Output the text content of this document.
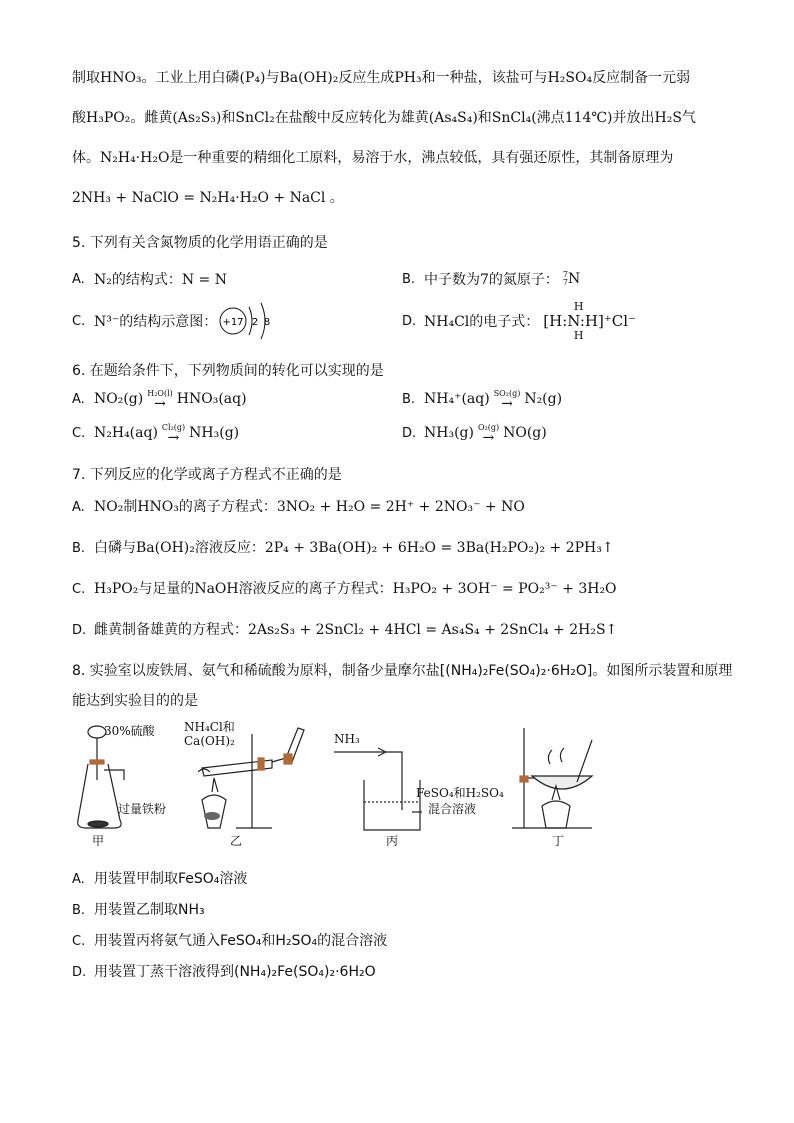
制取HNO₃。工业上用白磷(P₄)与Ba(OH)₂反应生成PH₃和一种盐，该盐可与H₂SO₄反应制备一元弱

酸H₃PO₂。雌黄(As₂S₃)和SnCl₂在盐酸中反应转化为雄黄(As₄S₄)和SnCl₄(沸点114℃)并放出H₂S气

体。N₂H₄·H₂O是一种重要的精细化工原料，易溶于水，沸点较低，具有强还原性，其制备原理为

2NH₃ + NaClO = N₂H₄·H₂O + NaCl 。

5. 下列有关含氮物质的化学用语正确的是

A. N₂的结构式：N = N	B. 中子数为7的氮原子： 7
7 N
C. N³⁻的结构示意图： +17 2 8	D. NH₄Cl的电子式：
H
[H:N:H]⁺Cl⁻
H

6. 在题给条件下，下列物质间的转化可以实现的是

A. NO₂(g) H₂O(l)
→ HNO₃(aq)	B. NH₄⁺(aq) SO₂(g)
→ N₂(g)
C. N₂H₄(aq) Cl₂(g)
→ NH₃(g)	D. NH₃(g) O₂(g)
→ NO(g)

7. 下列反应的化学或离子方程式不正确的是

A. NO₂制HNO₃的离子方程式：3NO₂ + H₂O = 2H⁺ + 2NO₃⁻ + NO
B. 白磷与Ba(OH)₂溶液反应：2P₄ + 3Ba(OH)₂ + 6H₂O = 3Ba(H₂PO₂)₂ + 2PH₃↑
C. H₃PO₂与足量的NaOH溶液反应的离子方程式：H₃PO₂ + 3OH⁻ = PO₂³⁻ + 3H₂O
D. 雌黄制备雄黄的方程式：2As₂S₃ + 2SnCl₂ + 4HCl = As₄S₄ + 2SnCl₄ + 2H₂S↑

8. 实验室以废铁屑、氨气和稀硫酸为原料，制备少量摩尔盐[(NH₄)₂Fe(SO₄)₂·6H₂O]。如图所示装置和原理

能达到实验目的的是

30%硫酸
过量铁粉
甲
NH₄Cl和
Ca(OH)₂
乙
NH₃
FeSO₄和H₂SO₄
混合溶液
丙	丁
A. 用装置甲制取FeSO₄溶液
B. 用装置乙制取NH₃
C. 用装置丙将氨气通入FeSO₄和H₂SO₄的混合溶液
D. 用装置丁蒸干溶液得到(NH₄)₂Fe(SO₄)₂·6H₂O
